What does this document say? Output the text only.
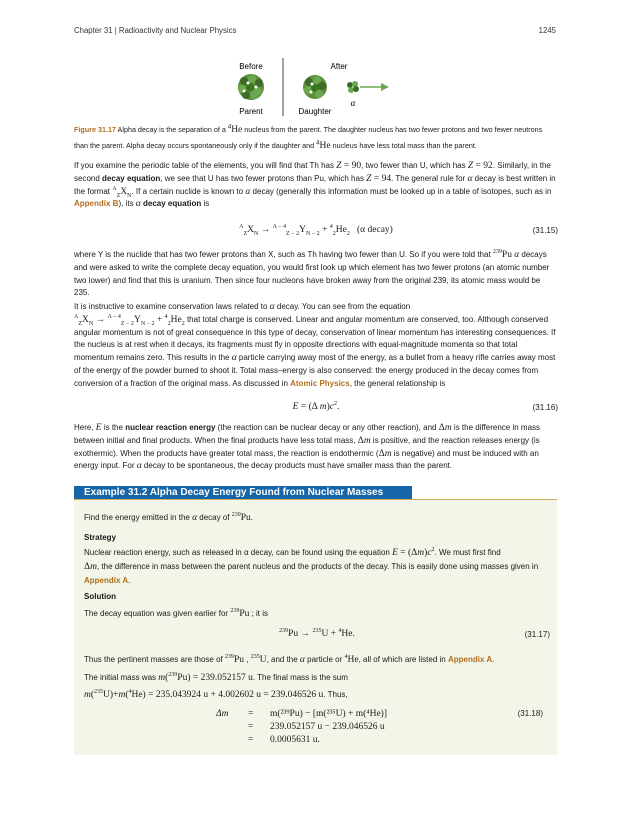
Chapter 31 | Radioactivity and Nuclear Physics	1245
Before	After
Parent	Daughter
α
Figure 31.17 Alpha decay is the separation of a $^4$He nucleus from the parent. The daughter nucleus has two fewer protons and two fewer neutrons
than the parent. Alpha decay occurs spontaneously only if the daughter and $^4$He nucleus have less total mass than the parent.

If you examine the periodic table of the elements, you will find that Th has Z = 90, two fewer than U, which has Z = 92. Similarly, in the second decay equation, we see that U has two fewer protons than Pu, which has Z = 94. The general rule for α decay is best written in the format $^A_ZX_N$. If a certain nuclide is known to α decay (generally this information must be looked up in a table of isotopes, such as in Appendix B), its α decay equation is

$^A_ZX_N \to ^{A - 4}_{Z - 2}Y_{N - 2} + ^4_2He_2$ (α decay)	(31.15)

where Y is the nuclide that has two fewer protons than X, such as Th having two fewer than U. So if you were told that $^{239}$Pu α decays and were asked to write the complete decay equation, you would first look up which element has two fewer protons (an atomic number two lower) and find that this is uranium. Then since four nucleons have broken away from the original 239, its atomic mass would be 235.

It is instructive to examine conservation laws related to α decay. You can see from the equation
$^A_ZX_N \to ^{A - 4}_{Z - 2}Y_{N - 2} + ^4_2He_2$ that total charge is conserved. Linear and angular momentum are conserved, too. Although conserved angular momentum is not of great consequence in this type of decay, conservation of linear momentum has interesting consequences. If the nucleus is at rest when it decays, its fragments must fly in opposite directions with equal-magnitude momenta so that total momentum remains zero. This results in the α particle carrying away most of the energy, as a bullet from a heavy rifle carries away most of the energy of the powder burned to shoot it. Total mass–energy is also conserved: the energy produced in the decay comes from conversion of a fraction of the original mass. As discussed in Atomic Physics, the general relationship is

E = (Δ $m)c^2$.	(31.16)

Here, E is the nuclear reaction energy (the reaction can be nuclear decay or any other reaction), and Δm is the difference in mass between initial and final products. When the final products have less total mass, Δm is positive, and the reaction releases energy (is exothermic). When the products have greater total mass, the reaction is endothermic (Δm is negative) and must be induced with an energy input. For α decay to be spontaneous, the decay products must have smaller mass than the parent.

Example 31.2 Alpha Decay Energy Found from Nuclear Masses

Find the energy emitted in the α decay of $^{239}$Pu.

Strategy

Nuclear reaction energy, such as released in α decay, can be found using the equation $E = (\Delta m)c^2$. We must first find
Δm, the difference in mass between the parent nucleus and the products of the decay. This is easily done using masses given in Appendix A.

Solution

The decay equation was given earlier for $^{239}$Pu ; it is

$^{239}$Pu → $^{235}$U + $^4$He.	(31.17)

Thus the pertinent masses are those of $^{239}$Pu , $^{235}$U, and the α particle or $^4$He, all of which are listed in Appendix A.

The initial mass was m($^{239}$Pu) = 239.052157 u. The final mass is the sum

m($^{235}$U)+m($^4$He) = 235.043924 u + 4.002602 u = 239.046526 u. Thus,

Δm = m(²³⁹Pu) − [m(²³⁵U) + m(⁴He)]
= 239.052157 u − 239.046526 u
= 0.0005631 u.
(31.18)
